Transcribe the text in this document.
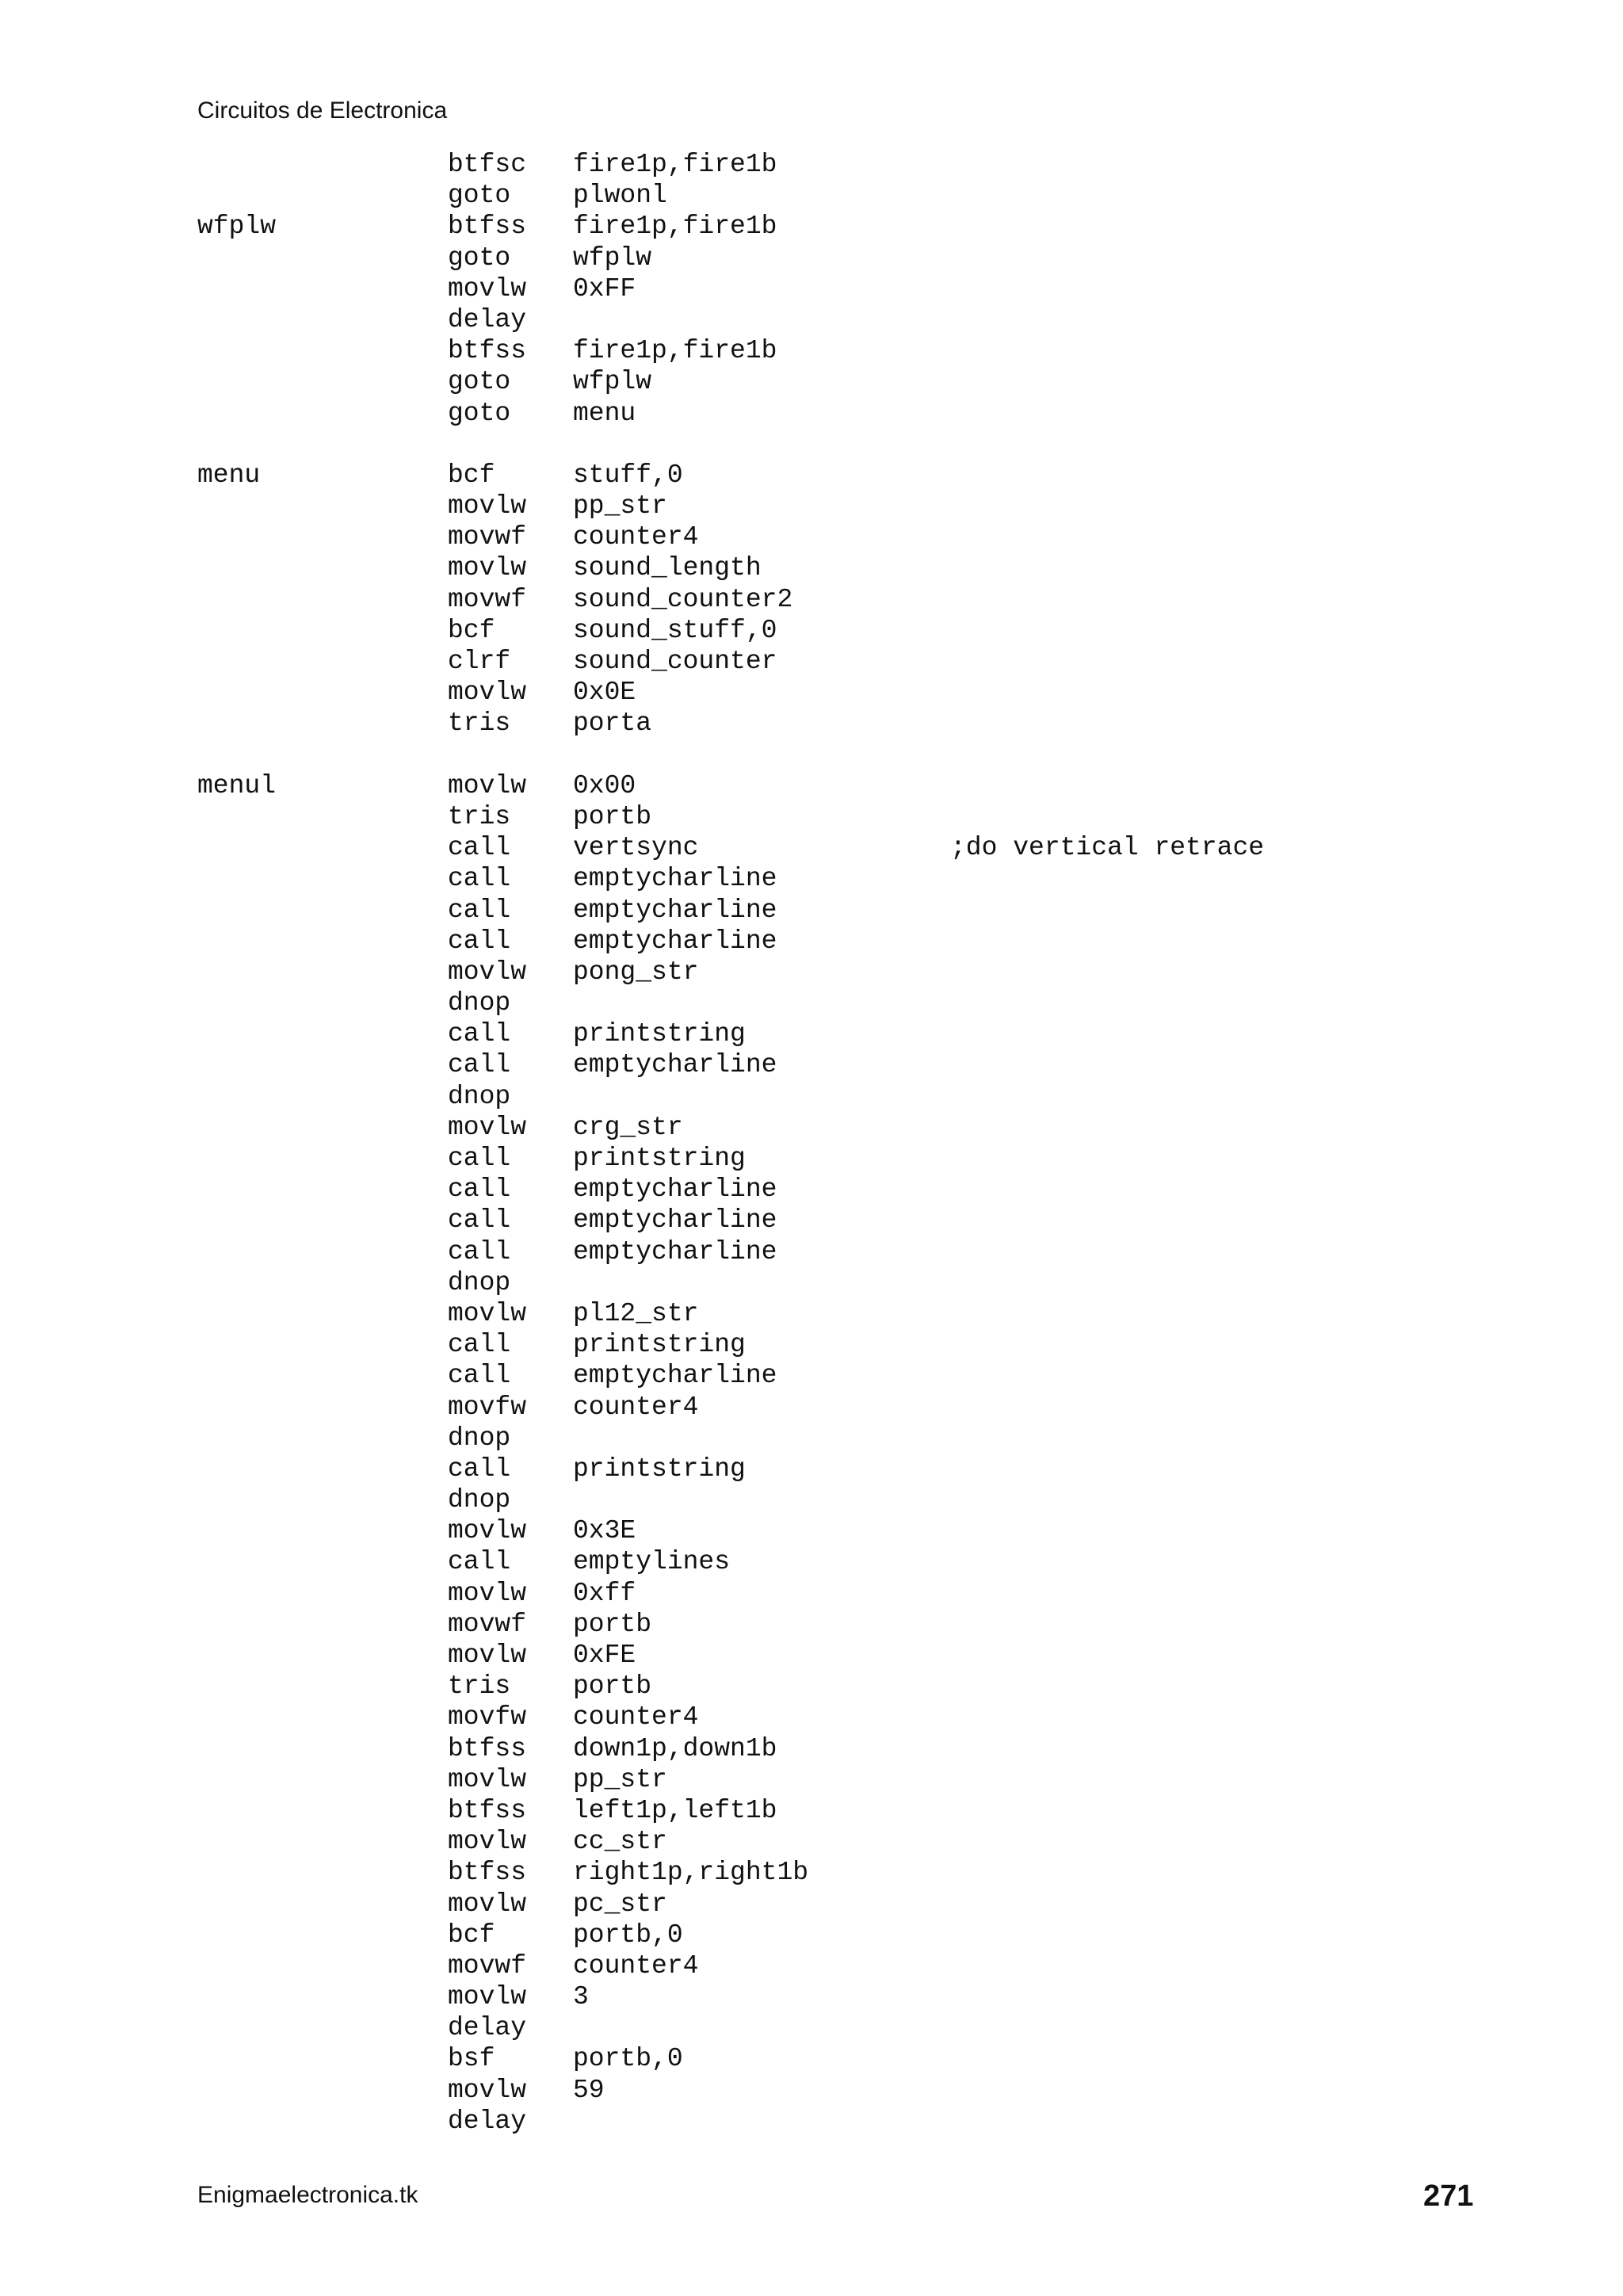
Circuitos de Electronica
btfsc fire1p,fire1b
goto plwonl
wfplw	btfss fire1p,fire1b
goto wfplw
movlw 0xFF
delay
btfss fire1p,fire1b
goto wfplw
goto menu
menu	bcf	stuff,0
movlw pp_str
movwf counter4
movlw sound_length
movwf sound_counter2
bcf	sound_stuff,0
clrf sound_counter
movlw 0x0E
tris porta
menul	movlw 0x00
tris portb
call vertsync	;do vertical retrace
call emptycharline
call emptycharline
call emptycharline
movlw pong_str
dnop
call printstring
call emptycharline
dnop
movlw crg_str
call printstring
call emptycharline
call emptycharline
call emptycharline
dnop
movlw pl12_str
call printstring
call emptycharline
movfw counter4
dnop
call printstring
dnop
movlw 0x3E
call emptylines
movlw 0xff
movwf portb
movlw 0xFE
tris portb
movfw counter4
btfss down1p,down1b
movlw pp_str
btfss left1p,left1b
movlw cc_str
btfss right1p,right1b
movlw pc_str
bcf	portb,0
movwf counter4
movlw 3
delay
bsf	portb,0
movlw 59
delay
Enigmaelectronica.tk	271
